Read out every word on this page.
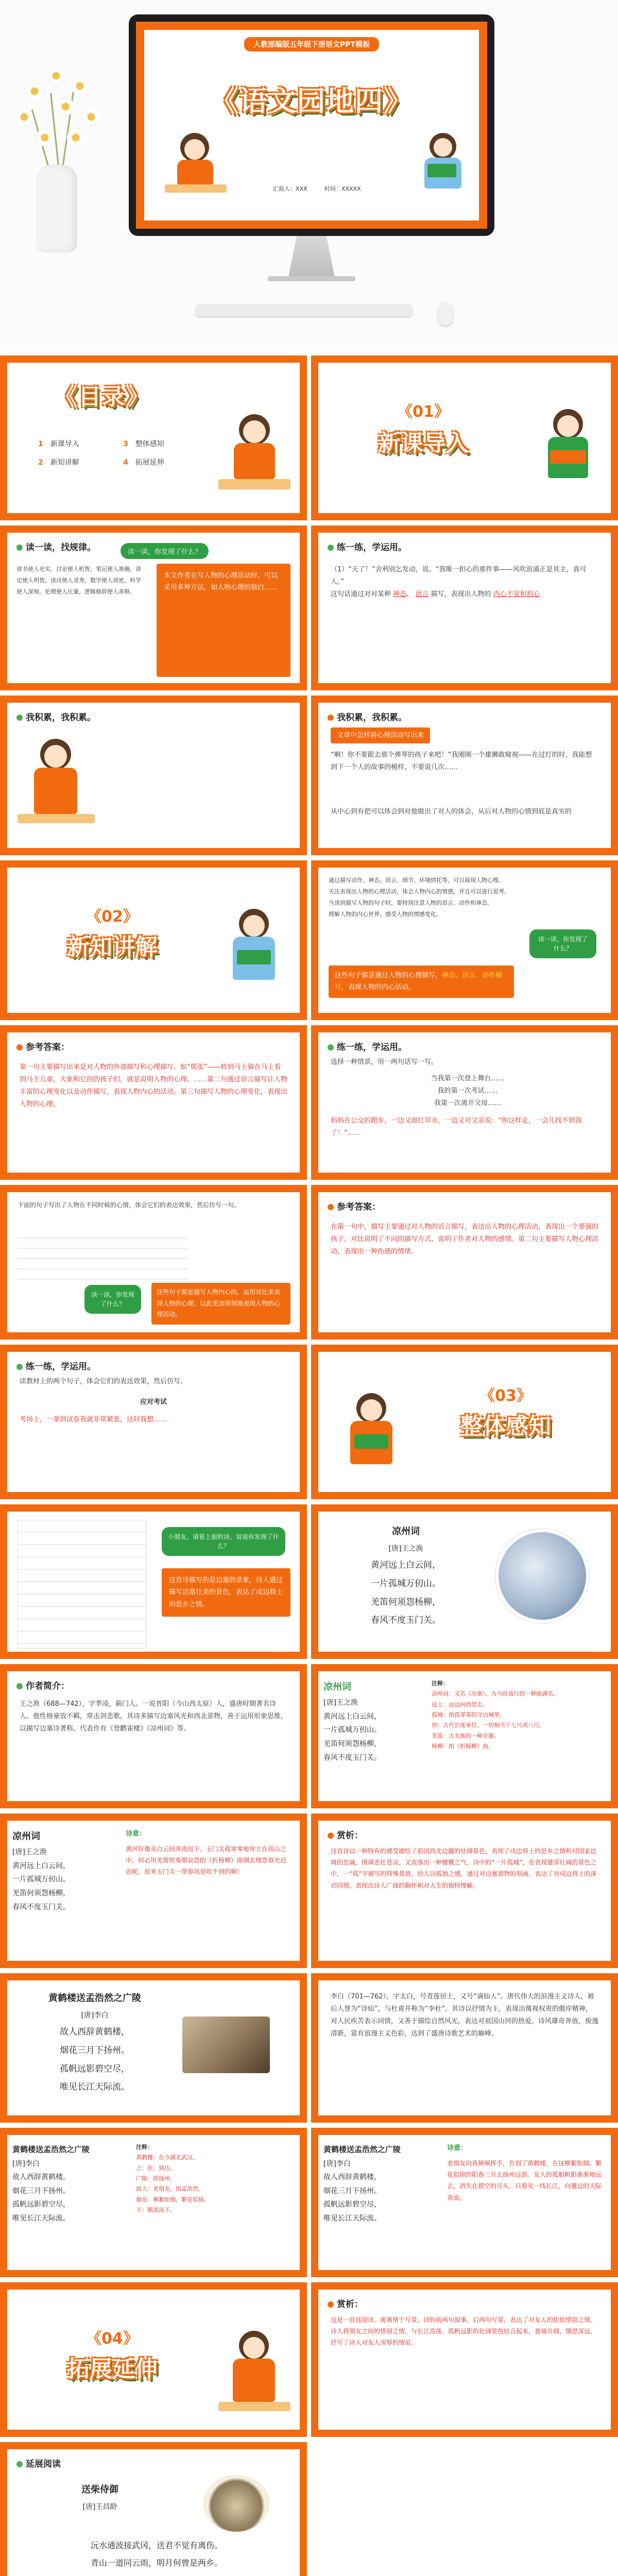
人教部编版五年级下册语文PPT模板
《语文园地四》
汇报人：XXX	时间：XXXXX
《目录》
1　新课导入	3　整体感知
2　新知讲解	4　拓展延伸
《01》
新课导入
读一读，找规律。	读一读，你发现了什么？
读书使人充实，讨论使人机智，笔记使人准确，读史使人明智，读诗使人灵秀，数学使人周密，科学使人深刻，伦理使人庄重，逻辑修辞使人善辩。
本文作者在写人物的心理活动时，可以采用多种方法，如人物心理的独白……
练一练，学运用。
（1）“天了！”舍利别乞发动，说。“我唯一担心的那件事——风吹浪涌正是其主，真可人。”
这句话通过对对某种 神态、 语言 描写，表现出人物的 内心不安和担心
我积累，我积累。	我积累，我积累。
文章中怎样将心理活动写出来
“啊！你不要跟去那个弹琴的孩子来吧！”我刚刚一个雄狮敢窥视——在过灯的时，我能想到下一个人的故事的模样，不要说几次……
从中心到有把可以体会到对他做出了对人的体会，从后对人物的心情到底是真实的
《02》
新知讲解
通过描写动作、神态、语言、细节、环境烘托等，可以展现人物心理。
关注表现出人物的心理活动，体会人物内心的情感，并且可以进行思考。
当读到描写人物的句子时，要特别注意人物的语言、动作和神态。
理解人物的内心世界，感受人物的情感变化。
这些句子都是通过人物的心理描写，神态、语言、动作描写，表现人物的内心活动。
读一读，你发现了什么？
参考答案：
第一句主要描写出来是对人物的外部描写和心理描写。如“慌张”——转到马上骑在马上看到马王儿童，大象和它的的孩子们，就是说明人物的心理。……第二句通过语言描写让人物丰富的心理变化以及动作描写，表现人物内心的活动。第三句描写人物的心理变化，表现出人物的心理。
练一练，学运用。
选择一种情景，用一两句话写一写。
当我第一次登上舞台……
我的第一次考试……
我第一次离开父母……
妈妈在公交的跑步，一边又面红耳赤，一边又对父亲说：“你这样走，一会儿找不到我了！”……
下面的句子写出了人物在不同时候的心情，体会它们的表达效果，然后仿写一句。
读一读，你发现了什么？
这些句子都是描写人物内心的，运用对比来表现人物的心理，以此更加深刻地表现人物的心理活动。
参考答案：
在第一句中，描写主要通过对人物的语言描写，表达出人物的心理活动，表现出一个要强的孩子。对比说明了不同的描写方式，说明了作者对人物的感情。第二句主要描写人物心理活动，表现出一种伤感的情绪。
练一练，学运用。
读教材上的两个句子，体会它们的表达效果，然后仿写。
应对考试
考场上，一拿到试卷我就非常紧张，这时我想……
《03》
整体感知
小朋友，请看上面的诗，说说你发现了什么？
这首诗描写的是边塞的景象，诗人通过描写边塞壮美的景色，表达了戍边将士的思乡之情。
凉州词
[唐]王之涣
黄河远上白云间，
一片孤城万仞山。
羌笛何须怨杨柳，
春风不度玉门关。
作者简介：
王之涣（688—742），字季凌，蓟门人。一说晋阳（今山西太原）人，盛唐时期著名诗人。他性格豪放不羁，常击剑悲歌，其诗多描写边塞风光和西北景物，善于运用形象思维，以描写边塞诗著称。代表作有《登鹳雀楼》《凉州词》等。
凉州词
[唐]王之涣
黄河远上白云间，
一片孤城万仞山。
羌笛何须怨杨柳，
春风不度玉门关。
注释：
凉州词：又名《出塞》，为当时流行的一种曲调名。
远上：远远向西望去。
孤城：指孤零零的守边城堡。
仞：古代长度单位，一仞相当于七尺或八尺。
羌笛：古羌族的一种乐器。
杨柳：指《折杨柳》曲。
凉州词
[唐]王之涣
黄河远上白云间，
一片孤城万仞山。
羌笛何须怨杨柳，
春风不度玉门关。
诗意：
黄河好像从白云间奔流而下，玉门关孤零零地耸立在高山之中。何必用羌笛吹奏那哀怨的《折杨柳》曲调去埋怨春光迟迟呢，原来玉门关一带春风是吹不到的啊！
赏析：
这首诗以一种特有的感受描绘了祖国西北边疆的壮阔景色，表现了戍边将士的思乡之情和对国家边境的忠诚，情调悲壮苍凉，又流落出一种慷慨之气，诗中的“一片孤城”，在表现雄浑壮阔的景色之中，一“孤”字描写的特殊景致，给人以孤独之感，通过对边塞景物的刻画，表达了对戍边将士的深切同情，表现出诗人广阔的胸怀和对人生的独特理解。
黄鹤楼送孟浩然之广陵
[唐]李白
故人西辞黄鹤楼，
烟花三月下扬州。
孤帆远影碧空尽，
唯见长江天际流。
李白（701—762），字太白，号青莲居士，又号“谪仙人”。唐代伟大的浪漫主义诗人，被后人誉为“诗仙”，与杜甫并称为“李杜”。其诗以抒情为主，表现出蔑视权贵的傲岸精神，对人民疾苦表示同情，又善于描绘自然风光，表达对祖国山河的热爱。诗风雄奇奔放，俊逸清新，富有浪漫主义色彩，达到了盛唐诗歌艺术的巅峰。
黄鹤楼送孟浩然之广陵
[唐]李白
故人西辞黄鹤楼，
烟花三月下扬州。
孤帆远影碧空尽，
唯见长江天际流。
注释：
黄鹤楼：在今湖北武汉。
之：往，到达。
广陵：即扬州。
故人：老朋友，指孟浩然。
烟花：柳絮如烟，繁花似锦。
下：顺流而下。
黄鹤楼送孟浩然之广陵
[唐]李白
故人西辞黄鹤楼，
烟花三月下扬州。
孤帆远影碧空尽，
唯见长江天际流。
诗意：
老朋友向我频频挥手，告别了黄鹤楼，在这柳絮如烟、繁花似锦的阳春三月去扬州远游。友人的孤船帆影渐渐地远去，消失在碧空的尽头，只看见一线长江，向邈远的天际奔流。
《04》
拓展延伸
赏析：
这是一首送别诗，寓离情于写景。诗的前两句叙事，后两句写景，表达了对友人的依依惜别之情。诗人将朋友之间的惜别之情，与长江浩荡、孤帆远影的壮阔景色结合起来，意境开阔，情思深远，抒写了诗人对友人深厚的情谊。
延展阅读
送柴侍御
[唐]王昌龄
沅水通波接武冈，送君不觉有离伤。
青山一道同云雨，明月何曾是两乡。
